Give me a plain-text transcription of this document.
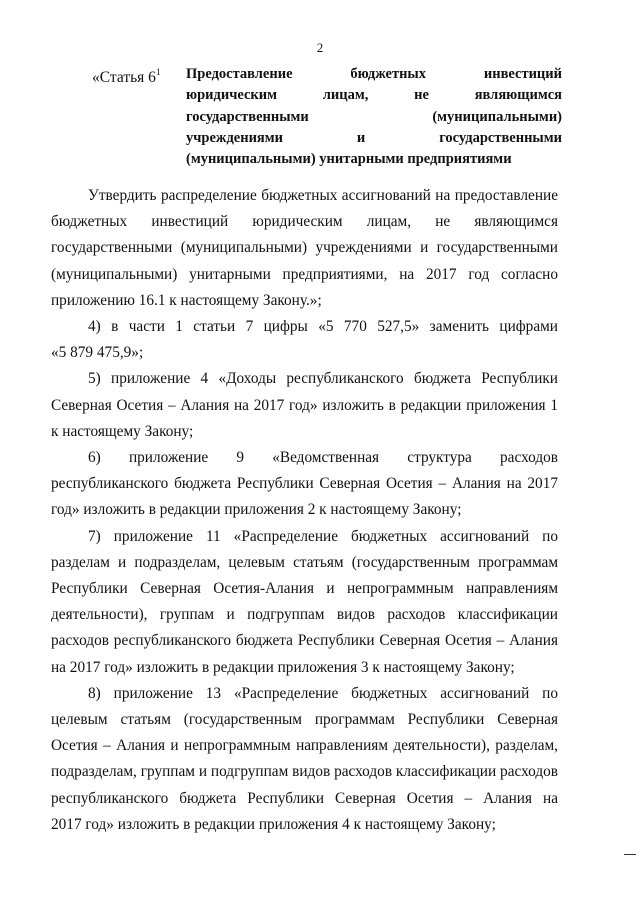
2
«Статья $6^1$ Предоставление бюджетных инвестиций
юридическим лицам, не являющимся
государственными (муниципальными)
учреждениями и государственными
(муниципальными) унитарными предприятиями
Утвердить распределение бюджетных ассигнований на предоставление
бюджетных инвестиций юридическим лицам, не являющимся
государственными (муниципальными) учреждениями и государственными
(муниципальными) унитарными предприятиями, на 2017 год согласно
приложению 16.1 к настоящему Закону.»;
4) в части 1 статьи 7 цифры «5 770 527,5» заменить цифрами
«5 879 475,9»;
5) приложение 4 «Доходы республиканского бюджета Республики
Северная Осетия – Алания на 2017 год» изложить в редакции приложения 1
к настоящему Закону;
6) приложение 9 «Ведомственная структура расходов
республиканского бюджета Республики Северная Осетия – Алания на 2017
год» изложить в редакции приложения 2 к настоящему Закону;
7) приложение 11 «Распределение бюджетных ассигнований по
разделам и подразделам, целевым статьям (государственным программам
Республики Северная Осетия-Алания и непрограммным направлениям
деятельности), группам и подгруппам видов расходов классификации
расходов республиканского бюджета Республики Северная Осетия – Алания
на 2017 год» изложить в редакции приложения 3 к настоящему Закону;
8) приложение 13 «Распределение бюджетных ассигнований по
целевым статьям (государственным программам Республики Северная
Осетия – Алания и непрограммным направлениям деятельности), разделам,
подразделам, группам и подгруппам видов расходов классификации расходов
республиканского бюджета Республики Северная Осетия – Алания на
2017 год» изложить в редакции приложения 4 к настоящему Закону;
